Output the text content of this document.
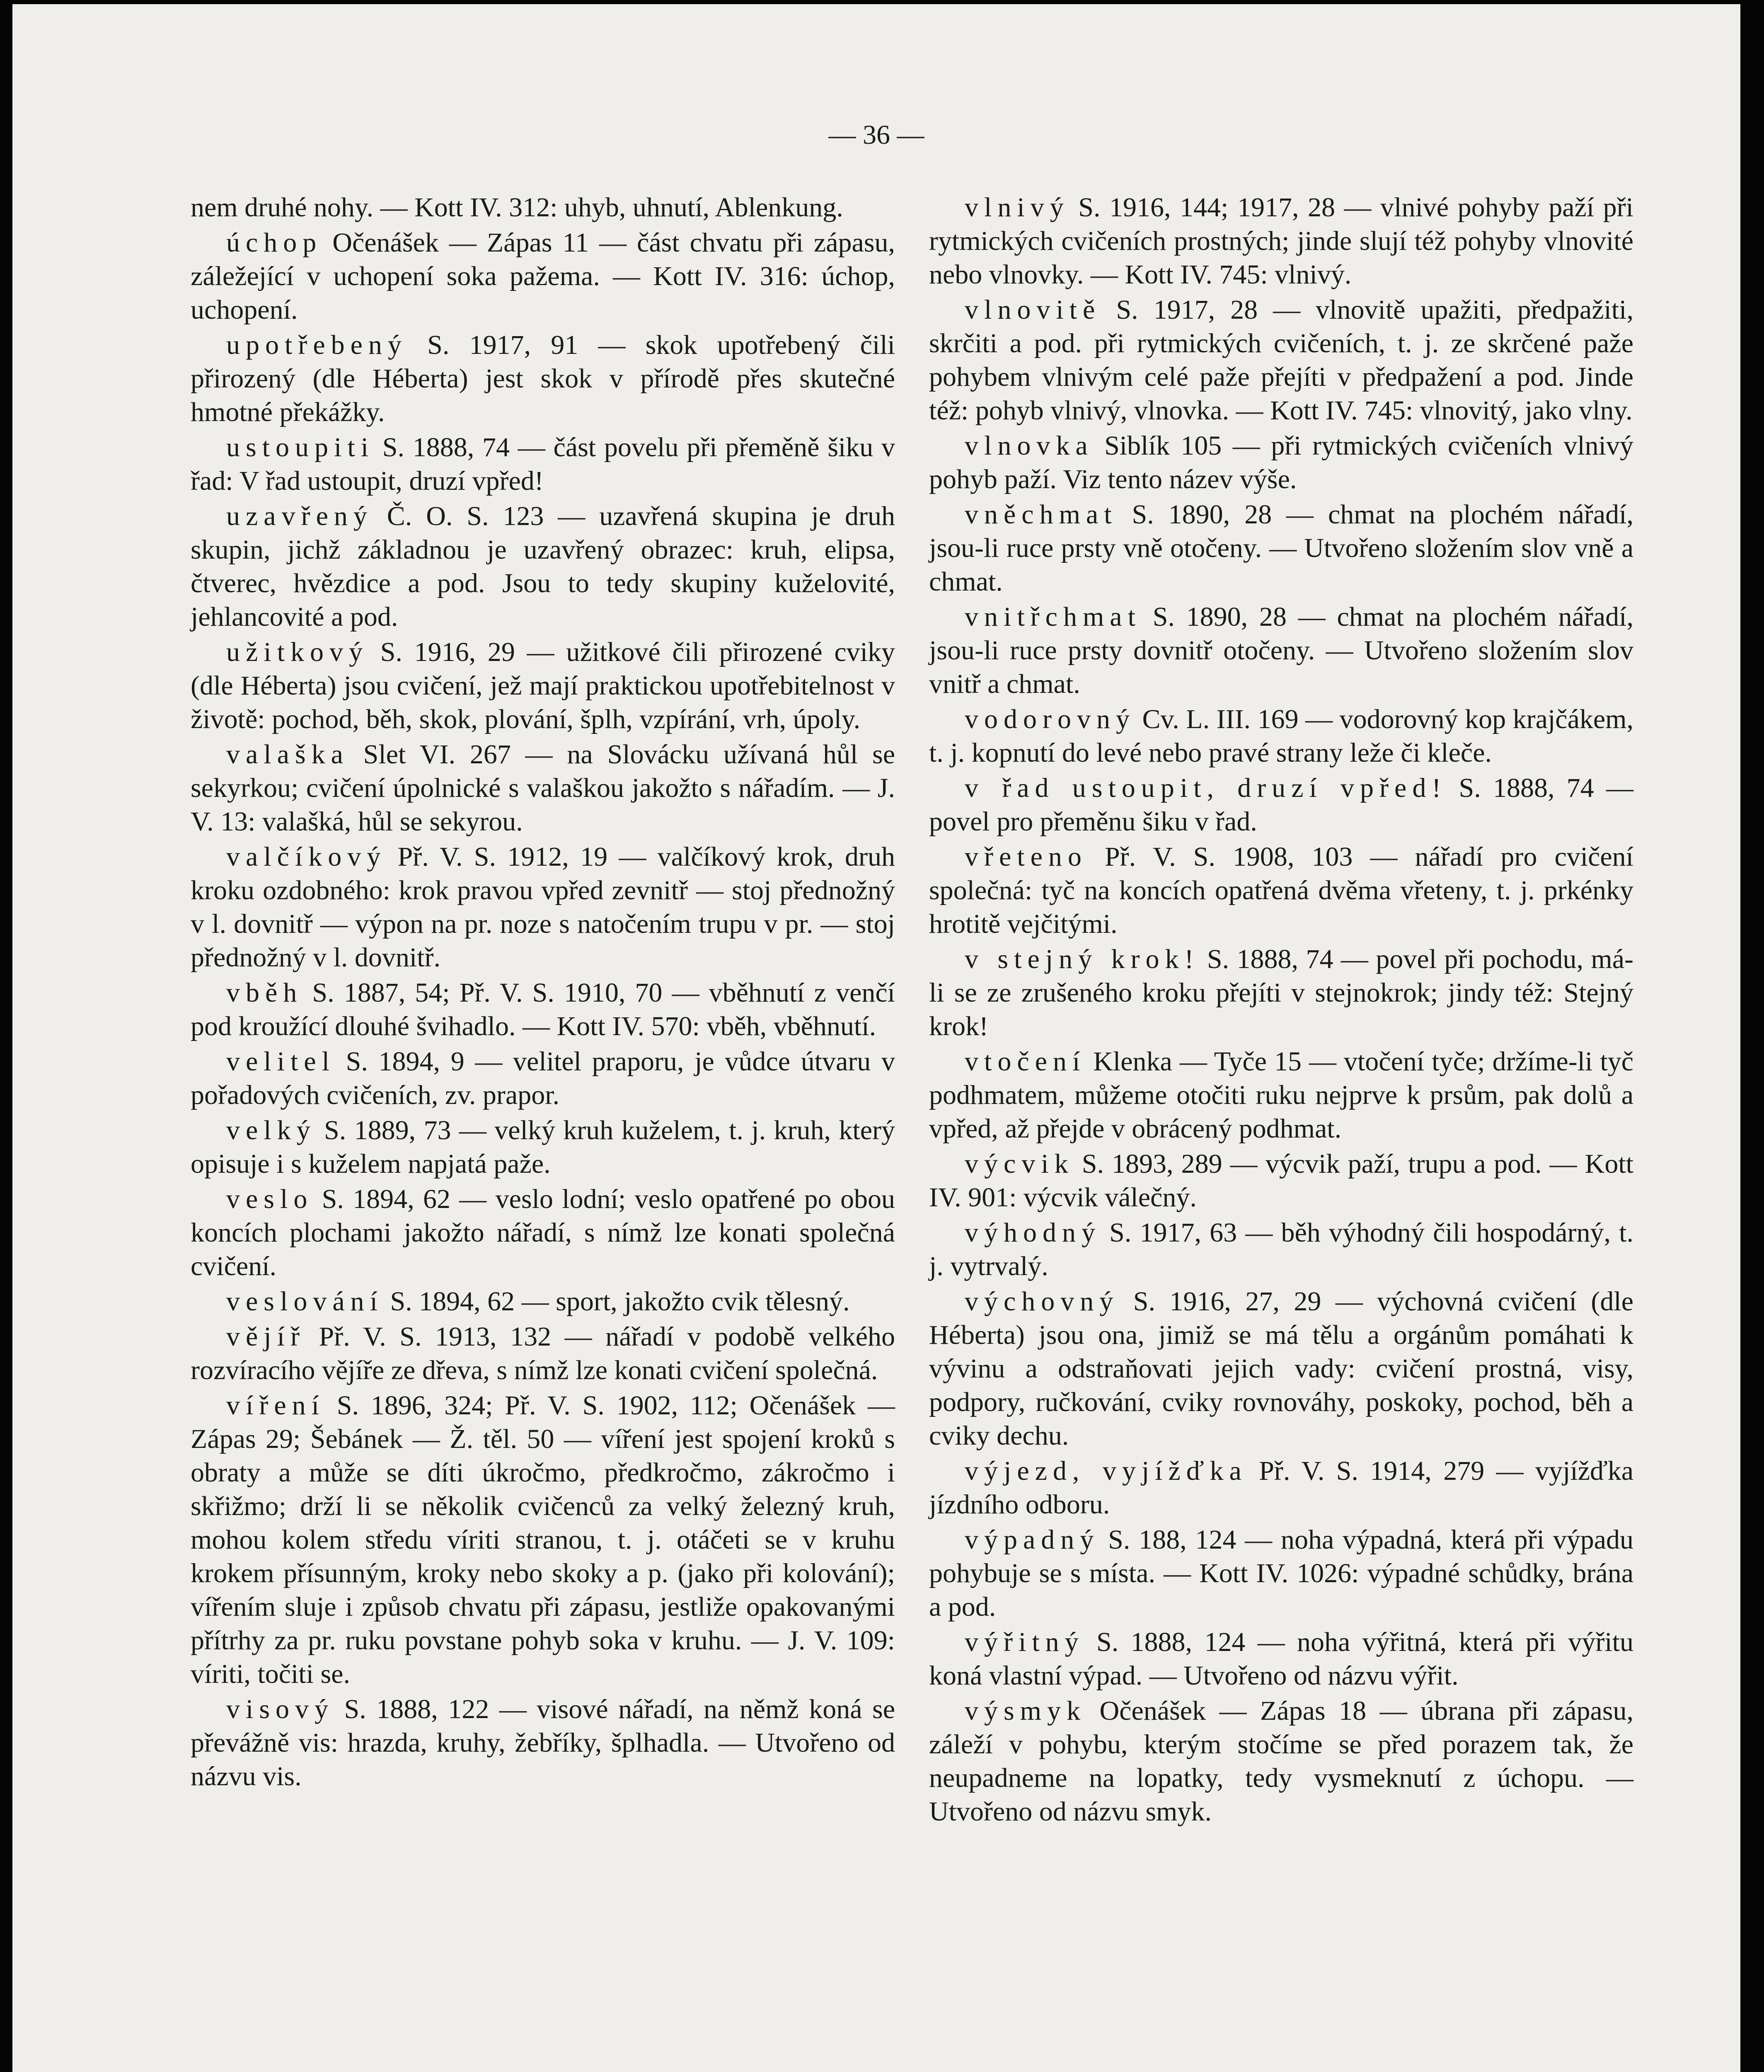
— 36 —

nem druhé nohy. — Kott IV. 312: uhyb, uhnutí, Ablenkung.

úchop Očenášek — Zápas 11 — část chvatu při zápasu, záležející v uchopení soka pažema. — Kott IV. 316: úchop, uchopení.

upotřebený S. 1917, 91 — skok upotřebený čili přirozený (dle Héberta) jest skok v přírodě přes skutečné hmotné překážky.

ustoupiti S. 1888, 74 — část povelu při přeměně šiku v řad: V řad ustoupit, druzí vpřed!

uzavřený Č. O. S. 123 — uzavřená skupina je druh skupin, jichž základnou je uzavřený obrazec: kruh, elipsa, čtverec, hvězdice a pod. Jsou to tedy skupiny kuželovité, jehlancovité a pod.

užitkový S. 1916, 29 — užitkové čili přirozené cviky (dle Héberta) jsou cvičení, jež mají praktickou upotřebitelnost v životě: pochod, běh, skok, plování, šplh, vzpírání, vrh, úpoly.

valaška Slet VI. 267 — na Slovácku užívaná hůl se sekyrkou; cvičení úpolnické s valaškou jakožto s nářadím. — J. V. 13: valašká, hůl se sekyrou.

valčíkový Př. V. S. 1912, 19 — valčíkový krok, druh kroku ozdobného: krok pravou vpřed zevnitř — stoj přednožný v l. dovnitř — výpon na pr. noze s natočením trupu v pr. — stoj přednožný v l. dovnitř.

vběh S. 1887, 54; Př. V. S. 1910, 70 — vběhnutí z venčí pod kroužící dlouhé švihadlo. — Kott IV. 570: vběh, vběhnutí.

velitel S. 1894, 9 — velitel praporu, je vůdce útvaru v pořadových cvičeních, zv. prapor.

velký S. 1889, 73 — velký kruh kuželem, t. j. kruh, který opisuje i s kuželem napjatá paže.

veslo S. 1894, 62 — veslo lodní; veslo opatřené po obou koncích plochami jakožto nářadí, s nímž lze konati společná cvičení.

veslování S. 1894, 62 — sport, jakožto cvik tělesný.

vějíř Př. V. S. 1913, 132 — nářadí v podobě velkého rozvíracího vějíře ze dřeva, s nímž lze konati cvičení společná.

víření S. 1896, 324; Př. V. S. 1902, 112; Očenášek — Zápas 29; Šebánek — Ž. těl. 50 — víření jest spojení kroků s obraty a může se díti úkročmo, předkročmo, zákročmo i skřižmo; drží li se několik cvičenců za velký železný kruh, mohou kolem středu víriti stranou, t. j. otáčeti se v kruhu krokem přísunným, kroky nebo skoky a p. (jako při kolování); vířením sluje i způsob chvatu při zápasu, jestliže opakovanými přítrhy za pr. ruku povstane pohyb soka v kruhu. — J. V. 109: víriti, točiti se.

visový S. 1888, 122 — visové nářadí, na němž koná se převážně vis: hrazda, kruhy, žebříky, šplhadla. — Utvořeno od názvu vis.

vlnivý S. 1916, 144; 1917, 28 — vlnivé pohyby paží při rytmických cvičeních prostných; jinde slují též pohyby vlnovité nebo vlnovky. — Kott IV. 745: vlnivý.

vlnovitě S. 1917, 28 — vlnovitě upažiti, předpažiti, skrčiti a pod. při rytmických cvičeních, t. j. ze skrčené paže pohybem vlnivým celé paže přejíti v předpažení a pod. Jinde též: pohyb vlnivý, vlnovka. — Kott IV. 745: vlnovitý, jako vlny.

vlnovka Siblík 105 — při rytmických cvičeních vlnivý pohyb paží. Viz tento název výše.

vněchmat S. 1890, 28 — chmat na plochém nářadí, jsou-li ruce prsty vně otočeny. — Utvořeno složením slov vně a chmat.

vnitřchmat S. 1890, 28 — chmat na plochém nářadí, jsou-li ruce prsty dovnitř otočeny. — Utvořeno složením slov vnitř a chmat.

vodorovný Cv. L. III. 169 — vodorovný kop krajčákem, t. j. kopnutí do levé nebo pravé strany leže či kleče.

v řad ustoupit, druzí vpřed! S. 1888, 74 — povel pro přeměnu šiku v řad.

vřeteno Př. V. S. 1908, 103 — nářadí pro cvičení společná: tyč na koncích opatřená dvěma vřeteny, t. j. prkénky hrotitě vejčitými.

v stejný krok! S. 1888, 74 — povel při pochodu, má-li se ze zrušeného kroku přejíti v stejnokrok; jindy též: Stejný krok!

vtočení Klenka — Tyče 15 — vtočení tyče; držíme-li tyč podhmatem, můžeme otočiti ruku nejprve k prsům, pak dolů a vpřed, až přejde v obrácený podhmat.

výcvik S. 1893, 289 — výcvik paží, trupu a pod. — Kott IV. 901: výcvik válečný.

výhodný S. 1917, 63 — běh výhodný čili hospodárný, t. j. vytrvalý.

výchovný S. 1916, 27, 29 — výchovná cvičení (dle Héberta) jsou ona, jimiž se má tělu a orgánům pomáhati k vývinu a odstraňovati jejich vady: cvičení prostná, visy, podpory, ručkování, cviky rovnováhy, poskoky, pochod, běh a cviky dechu.

výjezd, vyjížďka Př. V. S. 1914, 279 — vyjížďka jízdního odboru.

výpadný S. 188, 124 — noha výpadná, která při výpadu pohybuje se s místa. — Kott IV. 1026: výpadné schůdky, brána a pod.

výřitný S. 1888, 124 — noha výřitná, která při výřitu koná vlastní výpad. — Utvořeno od názvu výřit.

výsmyk Očenášek — Zápas 18 — úbrana při zápasu, záleží v pohybu, kterým stočíme se před porazem tak, že neupadneme na lopatky, tedy vysmeknutí z úchopu. — Utvořeno od názvu smyk.
